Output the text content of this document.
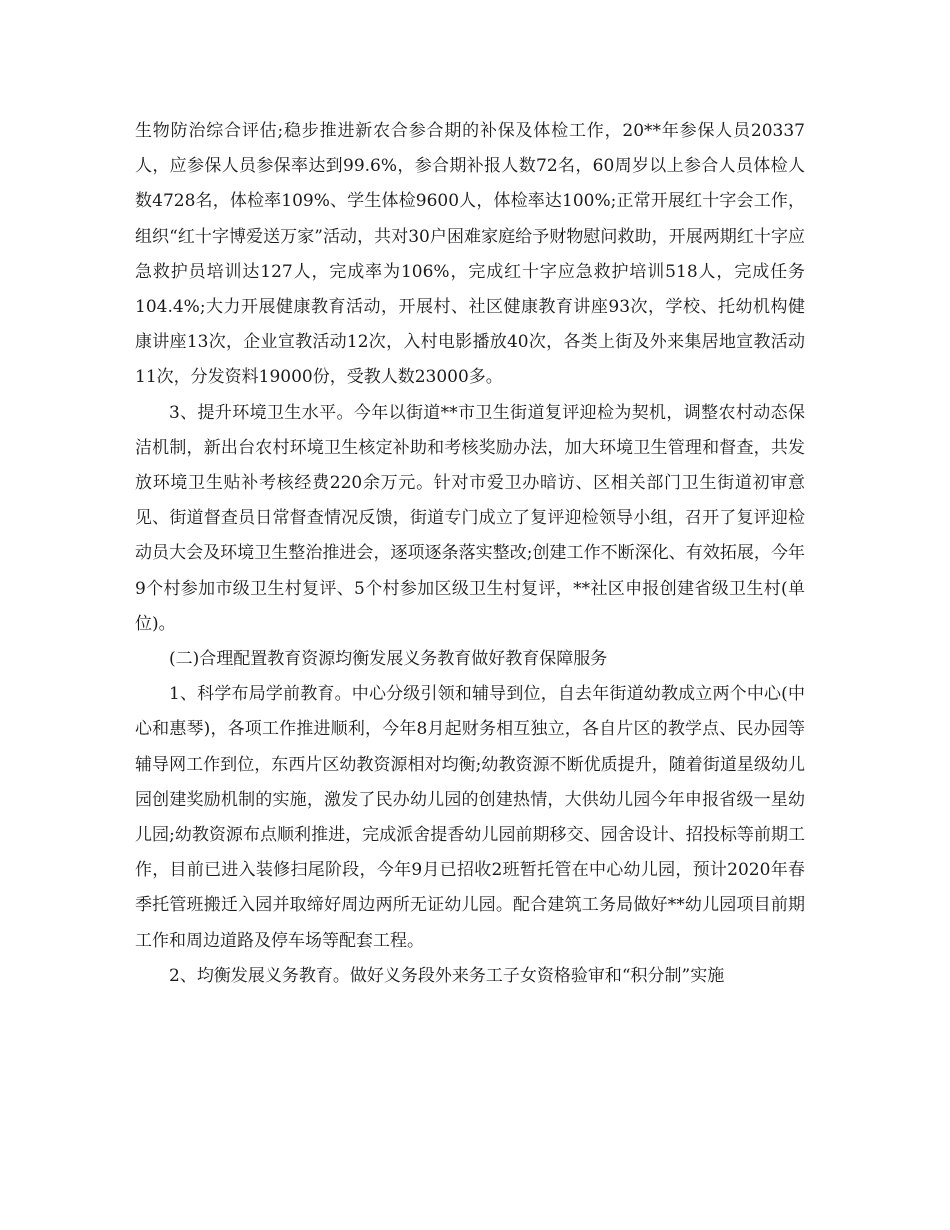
生物防治综合评估;稳步推进新农合参合期的补保及体检工作，20**年参保人员20337人，应参保人员参保率达到99.6%，参合期补报人数72名，60周岁以上参合人员体检人数4728名，体检率109%、学生体检9600人，体检率达100%;正常开展红十字会工作，组织“红十字博爱送万家”活动，共对30户困难家庭给予财物慰问救助，开展两期红十字应急救护员培训达127人，完成率为106%，完成红十字应急救护培训518人，完成任务104.4%;大力开展健康教育活动，开展村、社区健康教育讲座93次，学校、托幼机构健康讲座13次，企业宣教活动12次，入村电影播放40次，各类上街及外来集居地宣教活动11次，分发资料19000份，受教人数23000多。

3、提升环境卫生水平。今年以街道**市卫生街道复评迎检为契机，调整农村动态保洁机制，新出台农村环境卫生核定补助和考核奖励办法，加大环境卫生管理和督查，共发放环境卫生贴补考核经费220余万元。针对市爱卫办暗访、区相关部门卫生街道初审意见、街道督查员日常督查情况反馈，街道专门成立了复评迎检领导小组，召开了复评迎检动员大会及环境卫生整治推进会，逐项逐条落实整改;创建工作不断深化、有效拓展，今年9个村参加市级卫生村复评、5个村参加区级卫生村复评，**社区申报创建省级卫生村(单位)。

(二)合理配置教育资源均衡发展义务教育做好教育保障服务

1、科学布局学前教育。中心分级引领和辅导到位，自去年街道幼教成立两个中心(中心和惠琴)，各项工作推进顺利，今年8月起财务相互独立，各自片区的教学点、民办园等辅导网工作到位，东西片区幼教资源相对均衡;幼教资源不断优质提升，随着街道星级幼儿园创建奖励机制的实施，激发了民办幼儿园的创建热情，大供幼儿园今年申报省级一星幼儿园;幼教资源布点顺利推进，完成派舍提香幼儿园前期移交、园舍设计、招投标等前期工作，目前已进入装修扫尾阶段，今年9月已招收2班暂托管在中心幼儿园，预计2020年春季托管班搬迁入园并取缔好周边两所无证幼儿园。配合建筑工务局做好**幼儿园项目前期工作和周边道路及停车场等配套工程。

2、均衡发展义务教育。做好义务段外来务工子女资格验审和“积分制”实施
